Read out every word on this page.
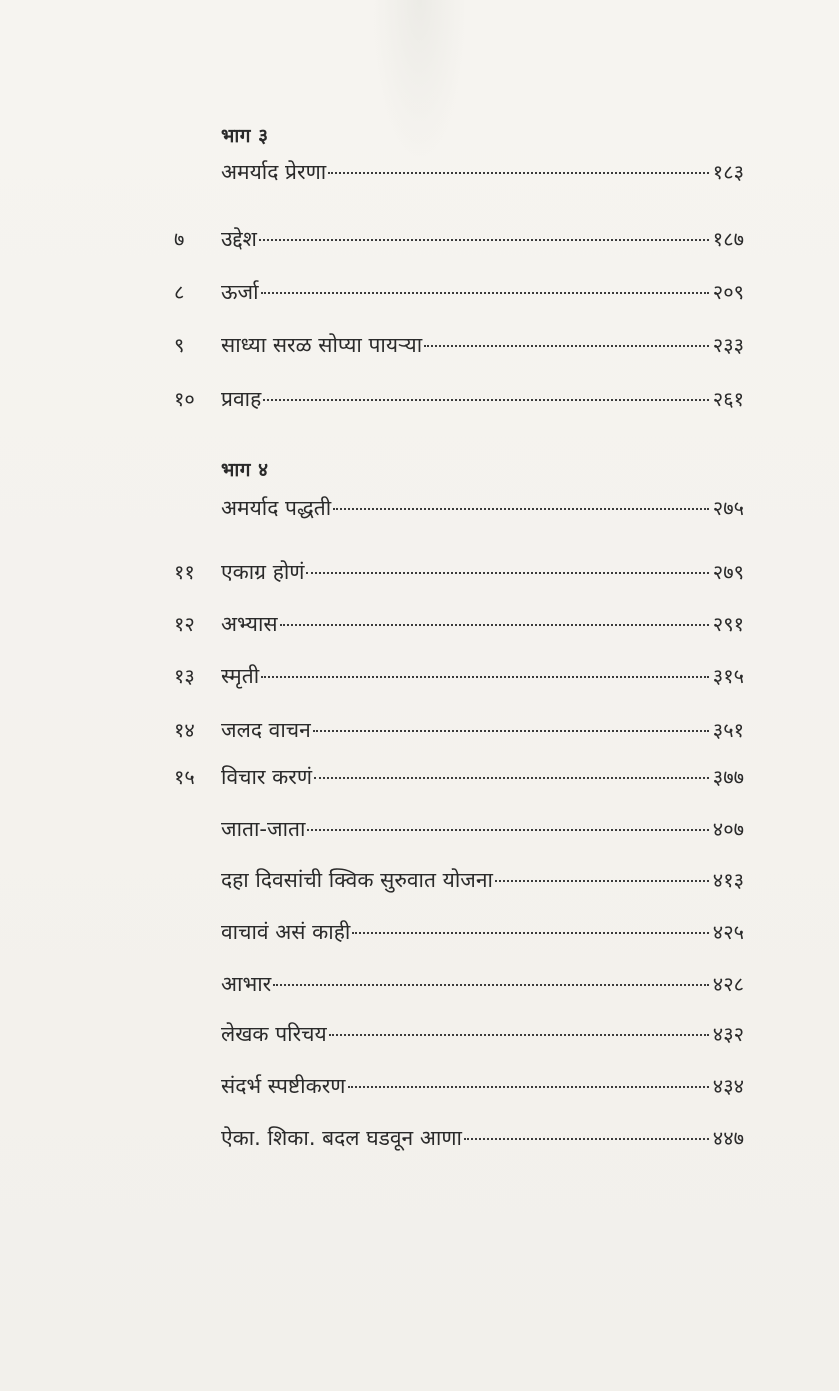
भाग ३
अमर्याद प्रेरणा	१८३
७	उद्देश	१८७
८	ऊर्जा	२०९
९	साध्या सरळ सोप्या पायऱ्या	२३३
१०	प्रवाह	२६१
भाग ४
अमर्याद पद्धती	२७५
११	एकाग्र होणं	२७९
१२	अभ्यास	२९१
१३	स्मृती	३१५
१४	जलद वाचन	३५१
१५	विचार करणं	३७७
जाता-जाता	४०७
दहा दिवसांची क्विक सुरुवात योजना	४१३
वाचावं असं काही	४२५
आभार	४२८
लेखक परिचय	४३२
संदर्भ स्पष्टीकरण	४३४
ऐका. शिका. बदल घडवून आणा	४४७
